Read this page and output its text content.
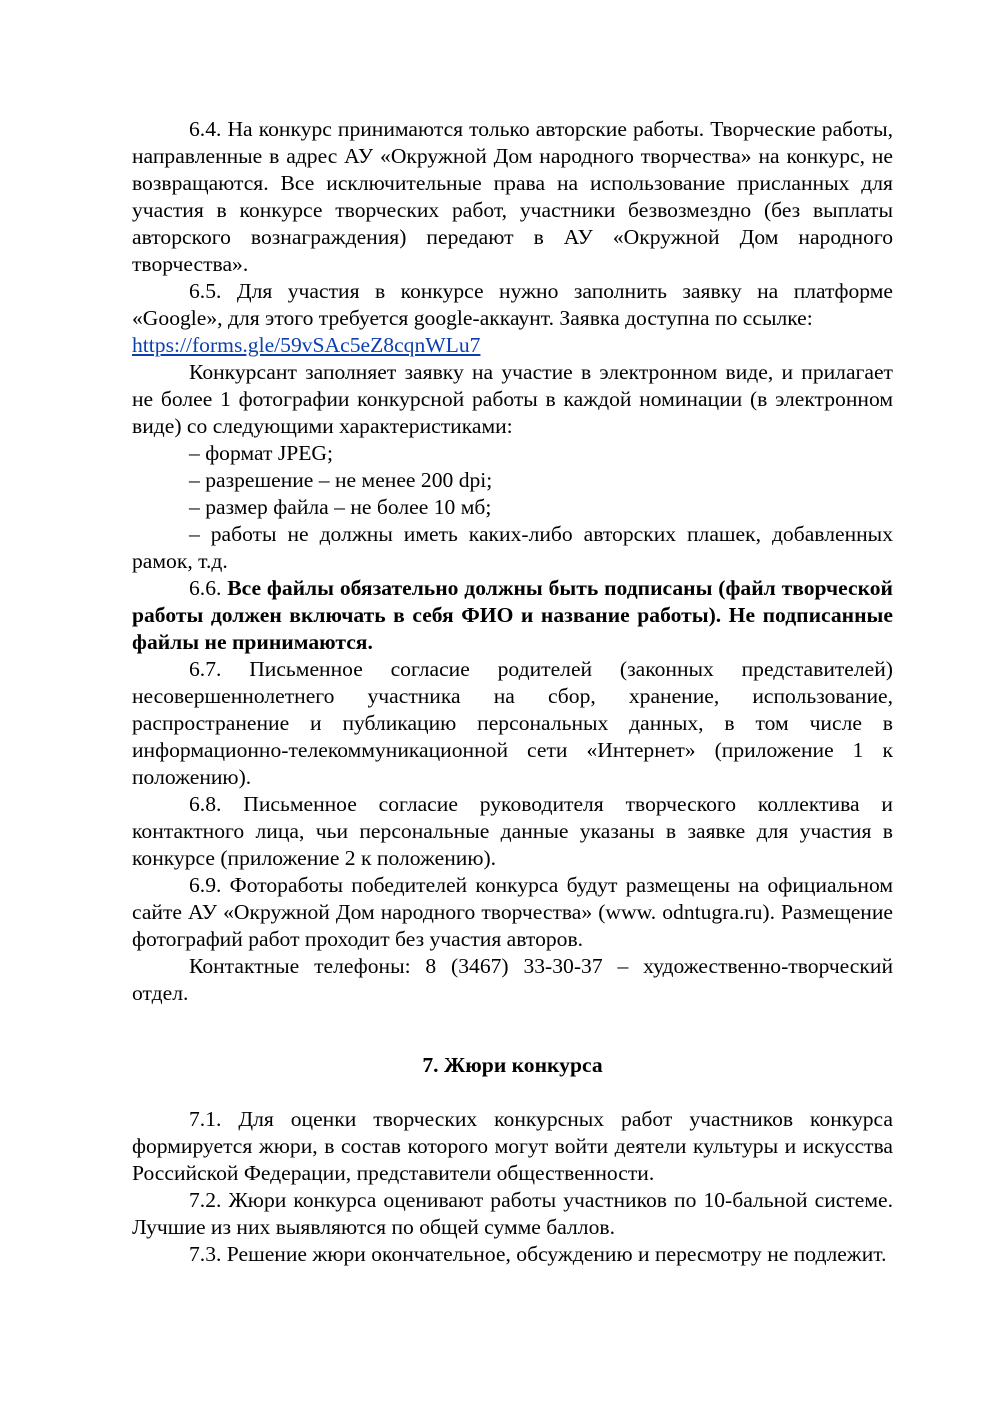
6.4. На конкурс принимаются только авторские работы. Творческие работы, направленные в адрес АУ «Окружной Дом народного творчества» на конкурс, не возвращаются. Все исключительные права на использование присланных для участия в конкурсе творческих работ, участники безвозмездно (без выплаты авторского вознаграждения) передают в АУ «Окружной Дом народного творчества».

6.5. Для участия в конкурсе нужно заполнить заявку на платформе «Google», для этого требуется google-аккаунт. Заявка доступна по ссылке:

https://forms.gle/59vSAc5eZ8cqnWLu7

Конкурсант заполняет заявку на участие в электронном виде, и прилагает не более 1 фотографии конкурсной работы в каждой номинации (в электронном виде) со следующими характеристиками:

– формат JPEG;

– разрешение – не менее 200 dpi;

– размер файла – не более 10 мб;

– работы не должны иметь каких-либо авторских плашек, добавленных рамок, т.д.

6.6. Все файлы обязательно должны быть подписаны (файл творческой работы должен включать в себя ФИО и название работы). Не подписанные файлы не принимаются.

6.7. Письменное согласие родителей (законных представителей) несовершеннолетнего участника на сбор, хранение, использование, распространение и публикацию персональных данных, в том числе в информационно-телекоммуникационной сети «Интернет» (приложение 1 к положению).

6.8. Письменное согласие руководителя творческого коллектива и контактного лица, чьи персональные данные указаны в заявке для участия в конкурсе (приложение 2 к положению).

6.9. Фотоработы победителей конкурса будут размещены на официальном сайте АУ «Окружной Дом народного творчества» (www. odntugra.ru). Размещение фотографий работ проходит без участия авторов.

Контактные телефоны: 8 (3467) 33-30-37 – художественно-творческий отдел.

7. Жюри конкурса

7.1. Для оценки творческих конкурсных работ участников конкурса формируется жюри, в состав которого могут войти деятели культуры и искусства Российской Федерации, представители общественности.

7.2. Жюри конкурса оценивают работы участников по 10-бальной системе. Лучшие из них выявляются по общей сумме баллов.

7.3. Решение жюри окончательное, обсуждению и пересмотру не подлежит.
